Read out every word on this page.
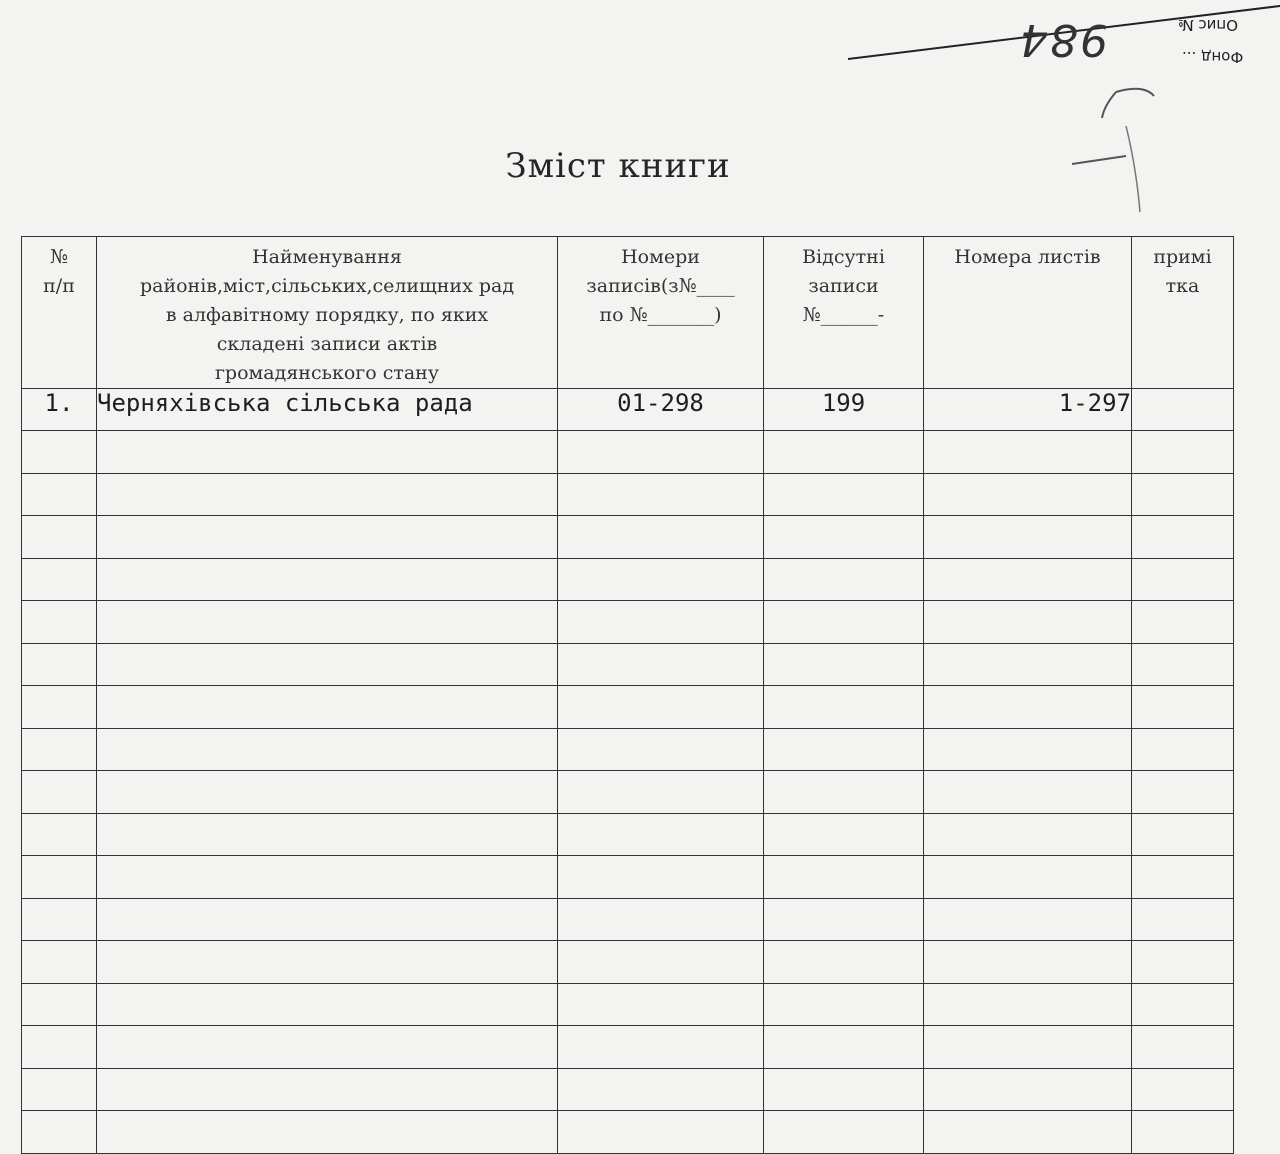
984	Опис №
Фонд ...
Зміст книги
№
п/п	Найменування
районів,міст,сільських,селищних рад
в алфавітному порядку, по яких
складені записи актів
громадянського стану	Номери
записів(з№____
по №_______)	Відсутні
записи
№______-	Номера листів	примі
тка

1.	Черняхівська сільська рада	01-298	199	1-297	
